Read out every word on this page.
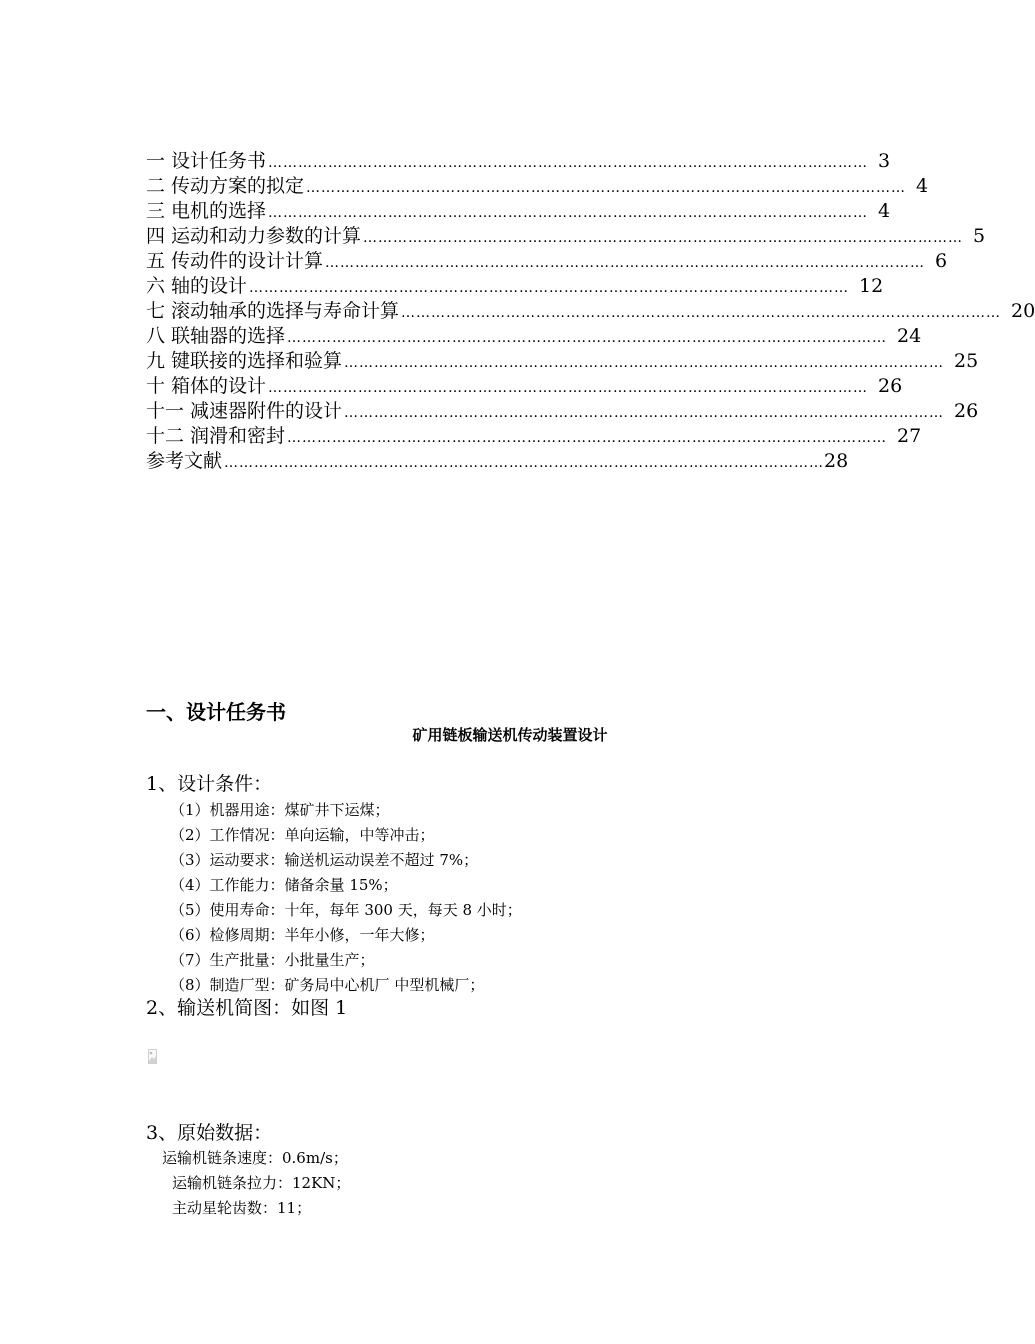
一 设计任务书 ………………………………………………………………………………………………………… 3
二 传动方案的拟定 ………………………………………………………………………………………………………… 4
三 电机的选择 ………………………………………………………………………………………………………… 4
四 运动和动力参数的计算 ………………………………………………………………………………………………………… 5
五 传动件的设计计算 ………………………………………………………………………………………………………… 6
六 轴的设计 ………………………………………………………………………………………………………… 12
七 滚动轴承的选择与寿命计算 ………………………………………………………………………………………………………… 20
八 联轴器的选择 ………………………………………………………………………………………………………… 24
九 键联接的选择和验算 ………………………………………………………………………………………………………… 25
十 箱体的设计 ………………………………………………………………………………………………………… 26
十一 减速器附件的设计 ………………………………………………………………………………………………………… 26
十二 润滑和密封 ………………………………………………………………………………………………………… 27
参考文献 ………………………………………………………………………………………………………… 28
一、设计任务书
矿用链板输送机传动装置设计
1、设计条件：
（1）机器用途：煤矿井下运煤；
（2）工作情况：单向运输，中等冲击；
（3）运动要求：输送机运动误差不超过 7%；
（4）工作能力：储备余量 15%；
（5）使用寿命：十年，每年 300 天，每天 8 小时；
（6）检修周期：半年小修，一年大修；
（7）生产批量：小批量生产；
（8）制造厂型：矿务局中心机厂 中型机械厂；
2、输送机简图：如图 1
3、原始数据：
运输机链条速度：0.6m/s；
运输机链条拉力：12KN；
主动星轮齿数：11；
